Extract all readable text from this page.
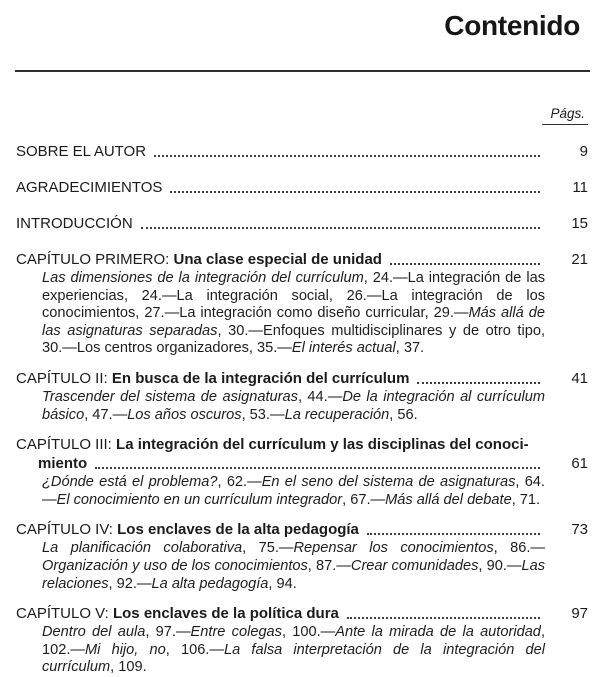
Contenido
Págs.
SOBRE EL AUTOR	9
AGRADECIMIENTOS	11
INTRODUCCIÓN	15
CAPÍTULO PRIMERO: Una clase especial de unidad	21
Las dimensiones de la integración del currículum, 24.—La integración de las experiencias, 24.—La integración social, 26.—La integración de los conocimientos, 27.—La integración como diseño curricular, 29.—Más allá de las asignaturas separadas, 30.—Enfoques multidisciplinares y de otro tipo, 30.—Los centros organizadores, 35.—El interés actual, 37.
CAPÍTULO II: En busca de la integración del currículum	41
Trascender del sistema de asignaturas, 44.—De la integración al currículum básico, 47.—Los años oscuros, 53.—La recuperación, 56.
CAPÍTULO III: La integración del currículum y las disciplinas del conoci-
miento	61
¿Dónde está el problema?, 62.—En el seno del sistema de asignaturas, 64.—El conocimiento en un currículum integrador, 67.—Más allá del debate, 71.
CAPÍTULO IV: Los enclaves de la alta pedagogía	73
La planificación colaborativa, 75.—Repensar los conocimientos, 86.—Organización y uso de los conocimientos, 87.—Crear comunidades, 90.—Las relaciones, 92.—La alta pedagogía, 94.
CAPÍTULO V: Los enclaves de la política dura	97
Dentro del aula, 97.—Entre colegas, 100.—Ante la mirada de la autoridad, 102.—Mi hijo, no, 106.—La falsa interpretación de la integración del currículum, 109.
